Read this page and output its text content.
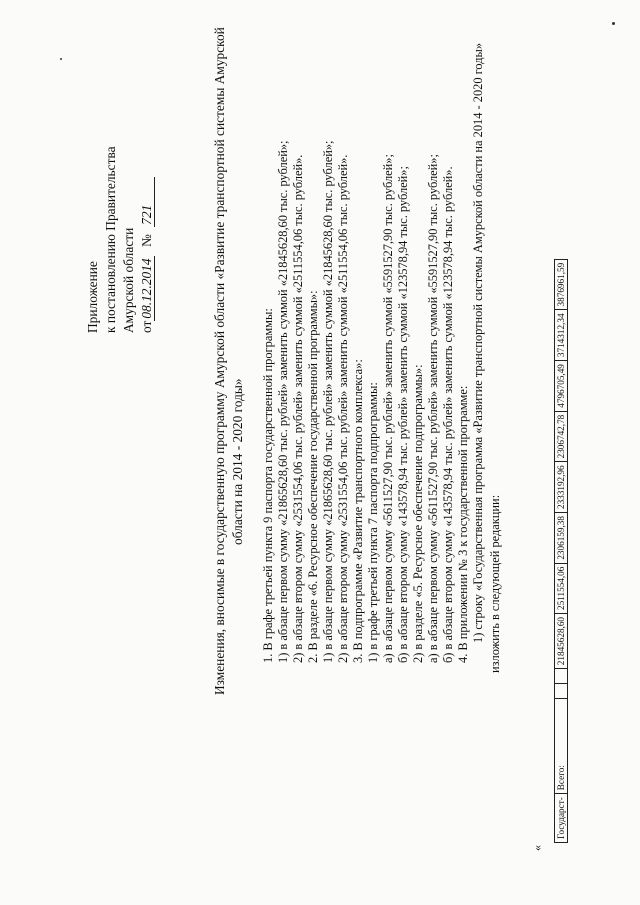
Приложение к постановлению Правительства Амурской области от08.12.2014 № 721	Изменения, вносимые в государственную программу Амурской области «Развитие транспортной системы Амурской области на 2014 - 2020 годы» 1. В графе третьей пункта 9 паспорта государственной программы: 1) в абзаце первом сумму «21865628,60 тыс. рублей» заменить суммой «21845628,60 тыс. рублей»; 2) в абзаце втором сумму «2531554,06 тыс. рублей» заменить суммой «2511554,06 тыс. рублей». 2. В разделе «6. Ресурсное обеспечение государственной программы»: 1) в абзаце первом сумму «21865628,60 тыс. рублей» заменить суммой «21845628,60 тыс. рублей»; 2) в абзаце втором сумму «2531554,06 тыс. рублей» заменить суммой «2511554,06 тыс. рублей». 3. В подпрограмме «Развитие транспортного комплекса»: 1) в графе третьей пункта 7 паспорта подпрограммы: а) в абзаце первом сумму «5611527,90 тыс. рублей» заменить суммой «5591527,90 тыс. рублей»; б) в абзаце втором сумму «143578,94 тыс. рублей» заменить суммой «123578,94 тыс. рублей»; 2) в разделе «5. Ресурсное обеспечение подпрограммы»: а) в абзаце первом сумму «5611527,90 тыс. рублей» заменить суммой «5591527,90 тыс. рублей»; б) в абзаце втором сумму «143578,94 тыс. рублей» заменить суммой «123578,94 тыс. рублей». 4. В приложении № 3 к государственной программе: 1) строку «Государственная программа «Развитие транспортной системы Амурской области на 2014 - 2020 годы» изложить в следующей редакции:
«
Государст-	Всего:			21845628,60	2511554,06	2306159,38	2333192,96	2306742,78	4796705,49	3714312,34	3876961,59
